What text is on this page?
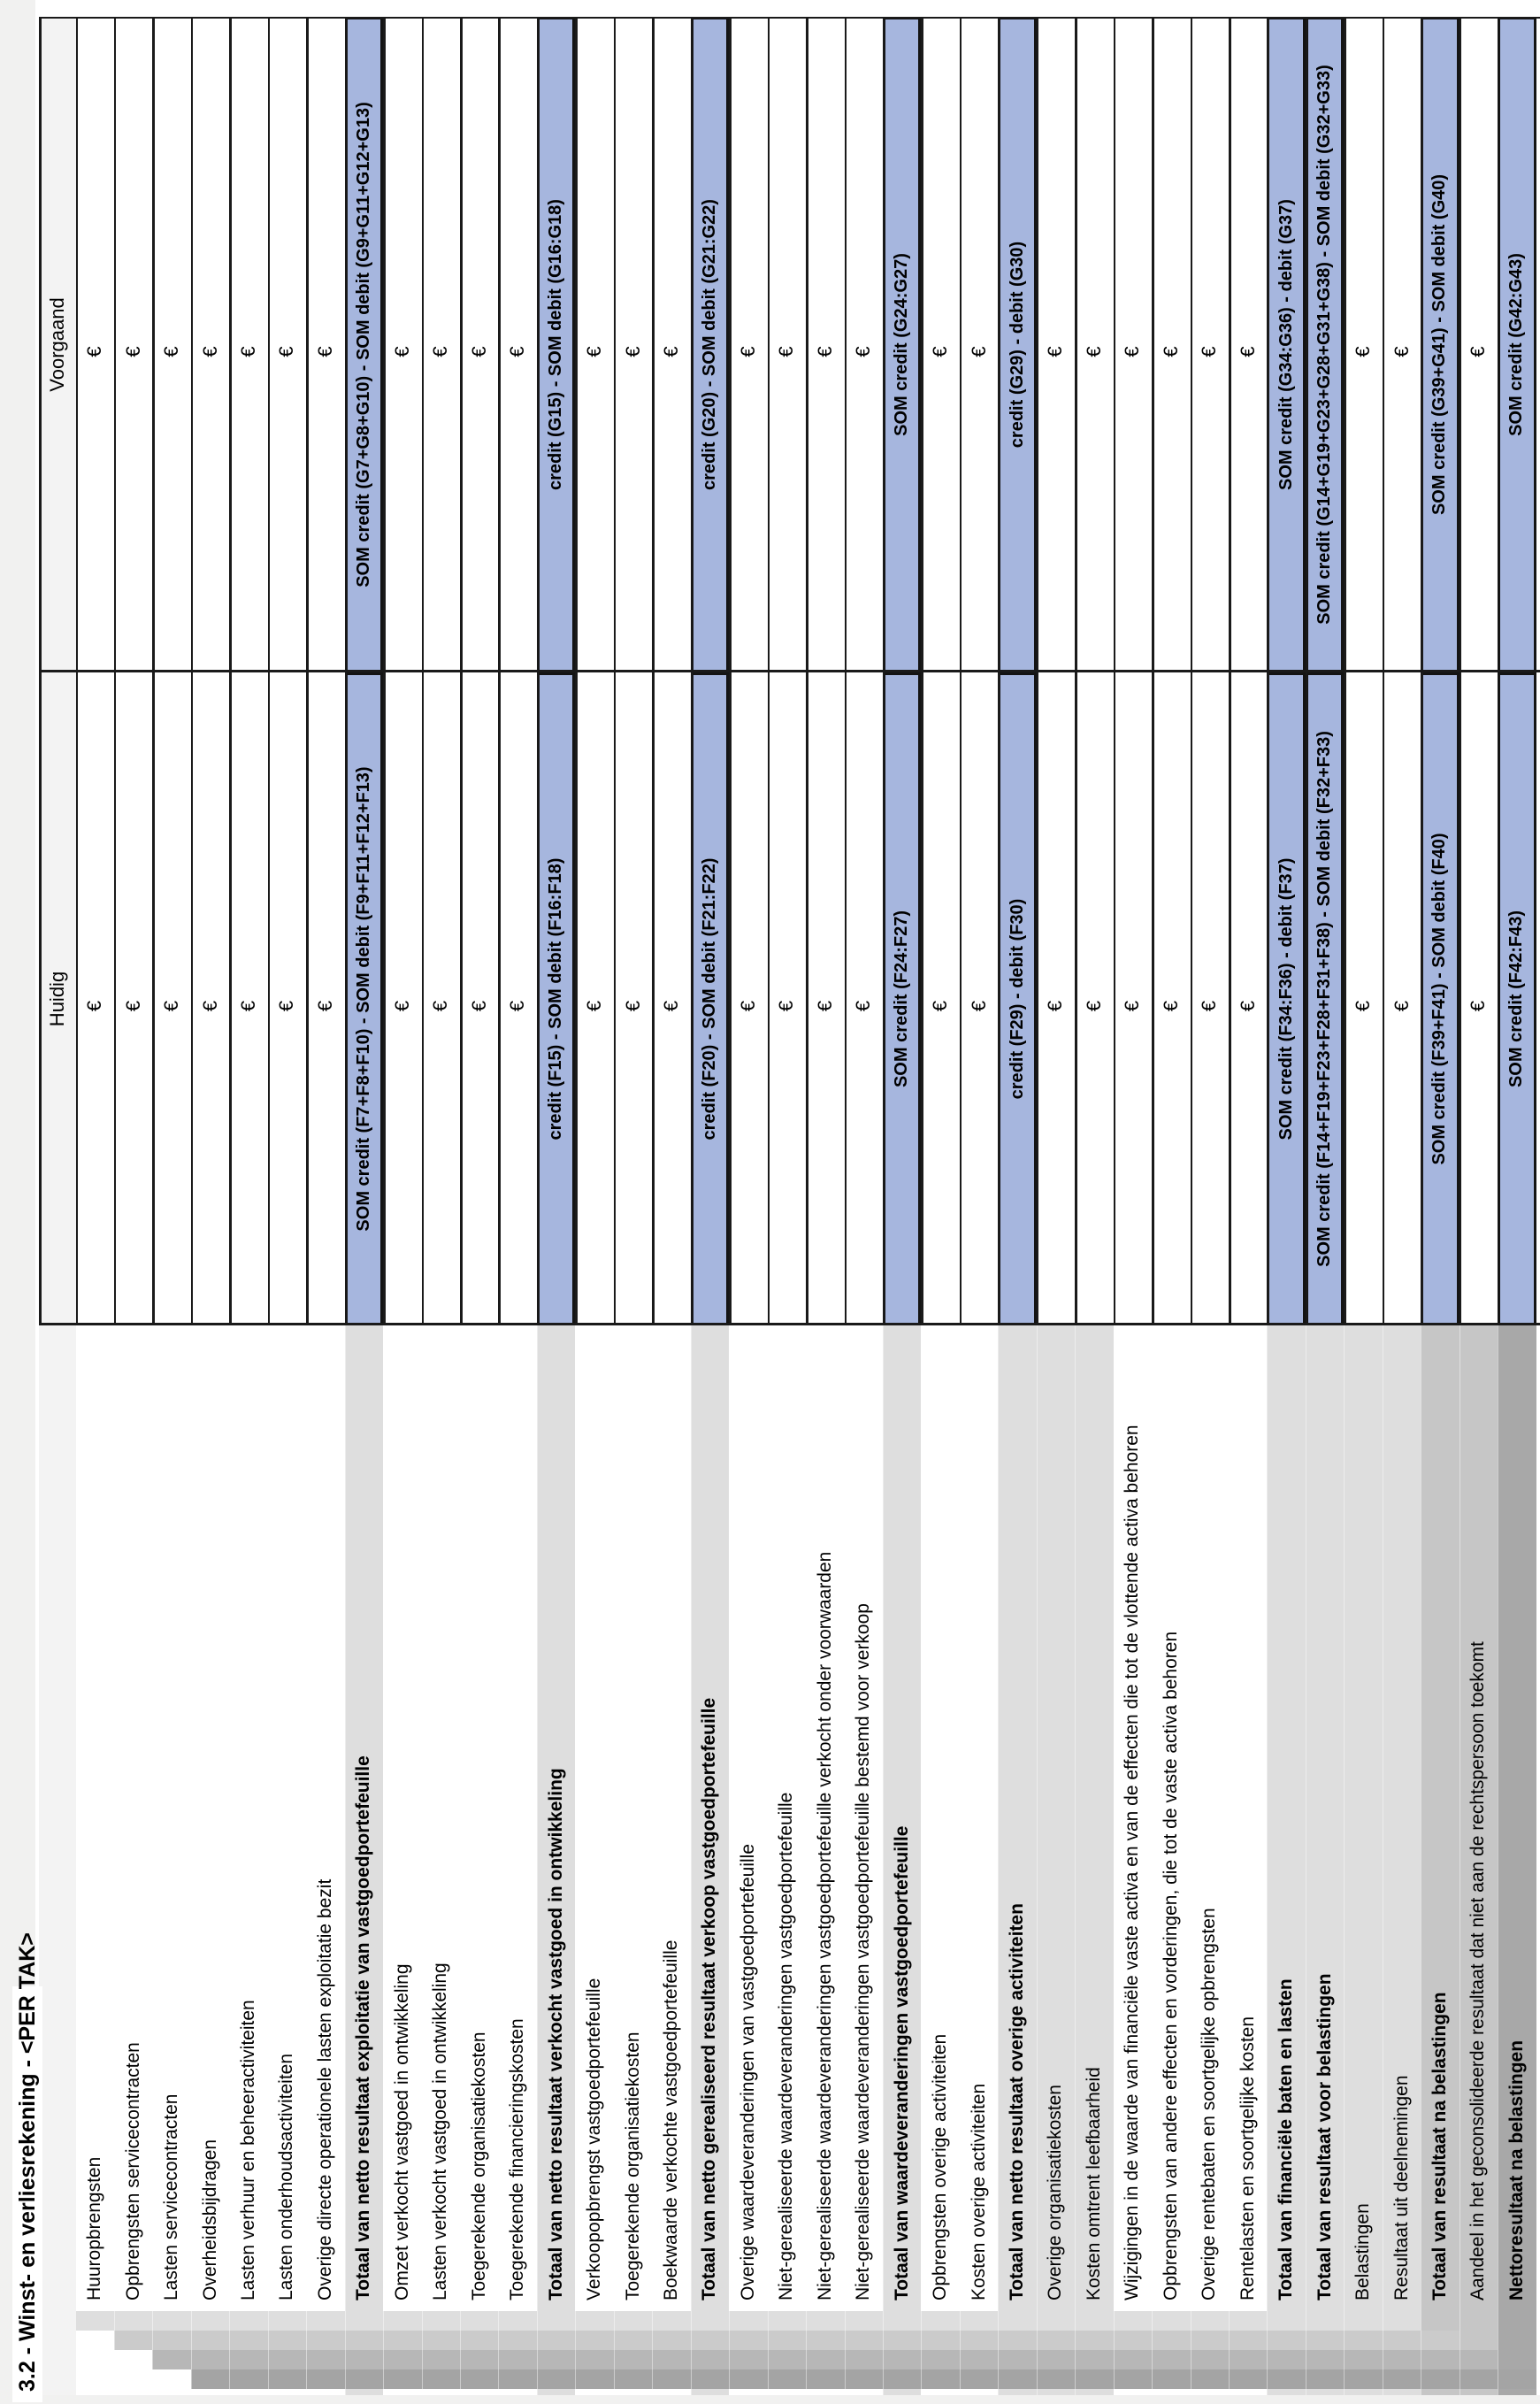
3.2 - Winst- en verliesrekening - <PER TAK>
Huidig
Voorgaand
Huuropbrengsten
€
€
Opbrengsten servicecontracten
€
€
Lasten servicecontracten
€
€
Overheidsbijdragen
€
€
Lasten verhuur en beheeractiviteiten
€
€
Lasten onderhoudsactiviteiten
€
€
Overige directe operationele lasten exploitatie bezit
€
€
Totaal van netto resultaat exploitatie van vastgoedportefeuille
SOM credit (F7+F8+F10) - SOM debit (F9+F11+F12+F13)
SOM credit (G7+G8+G10) - SOM debit (G9+G11+G12+G13)
Omzet verkocht vastgoed in ontwikkeling
€
€
Lasten verkocht vastgoed in ontwikkeling
€
€
Toegerekende organisatiekosten
€
€
Toegerekende financieringskosten
€
€
Totaal van netto resultaat verkocht vastgoed in ontwikkeling
credit (F15) - SOM debit (F16:F18)
credit (G15) - SOM debit (G16:G18)
Verkoopopbrengst vastgoedportefeuille
€
€
Toegerekende organisatiekosten
€
€
Boekwaarde verkochte vastgoedportefeuille
€
€
Totaal van netto gerealiseerd resultaat verkoop vastgoedportefeuille
credit (F20) - SOM debit (F21:F22)
credit (G20) - SOM debit (G21:G22)
Overige waardeveranderingen van vastgoedportefeuille
€
€
Niet-gerealiseerde waardeveranderingen vastgoedportefeuille
€
€
Niet-gerealiseerde waardeveranderingen vastgoedportefeuille verkocht onder voorwaarden
€
€
Niet-gerealiseerde waardeveranderingen vastgoedportefeuille bestemd voor verkoop
€
€
Totaal van waardeveranderingen vastgoedportefeuille
SOM credit (F24:F27)
SOM credit (G24:G27)
Opbrengsten overige activiteiten
€
€
Kosten overige activiteiten
€
€
Totaal van netto resultaat overige activiteiten
credit (F29) - debit (F30)
credit (G29) - debit (G30)
Overige organisatiekosten
€
€
Kosten omtrent leefbaarheid
€
€
Wijzigingen in de waarde van financiële vaste activa en van de effecten die tot de vlottende activa behoren
€
€
Opbrengsten van andere effecten en vorderingen, die tot de vaste activa behoren
€
€
Overige rentebaten en soortgelijke opbrengsten
€
€
Rentelasten en soortgelijke kosten
€
€
Totaal van financiële baten en lasten
SOM credit (F34:F36) - debit (F37)
SOM credit (G34:G36) - debit (G37)
Totaal van resultaat voor belastingen
SOM credit (F14+F19+F23+F28+F31+F38) - SOM debit (F32+F33)
SOM credit (G14+G19+G23+G28+G31+G38) - SOM debit (G32+G33)
Belastingen
€
€
Resultaat uit deelnemingen
€
€
Totaal van resultaat na belastingen
SOM credit (F39+F41) - SOM debit (F40)
SOM credit (G39+G41) - SOM debit (G40)
Aandeel in het geconsolideerde resultaat dat niet aan de rechtspersoon toekomt
€
€
Nettoresultaat na belastingen
SOM credit (F42:F43)
SOM credit (G42:G43)
